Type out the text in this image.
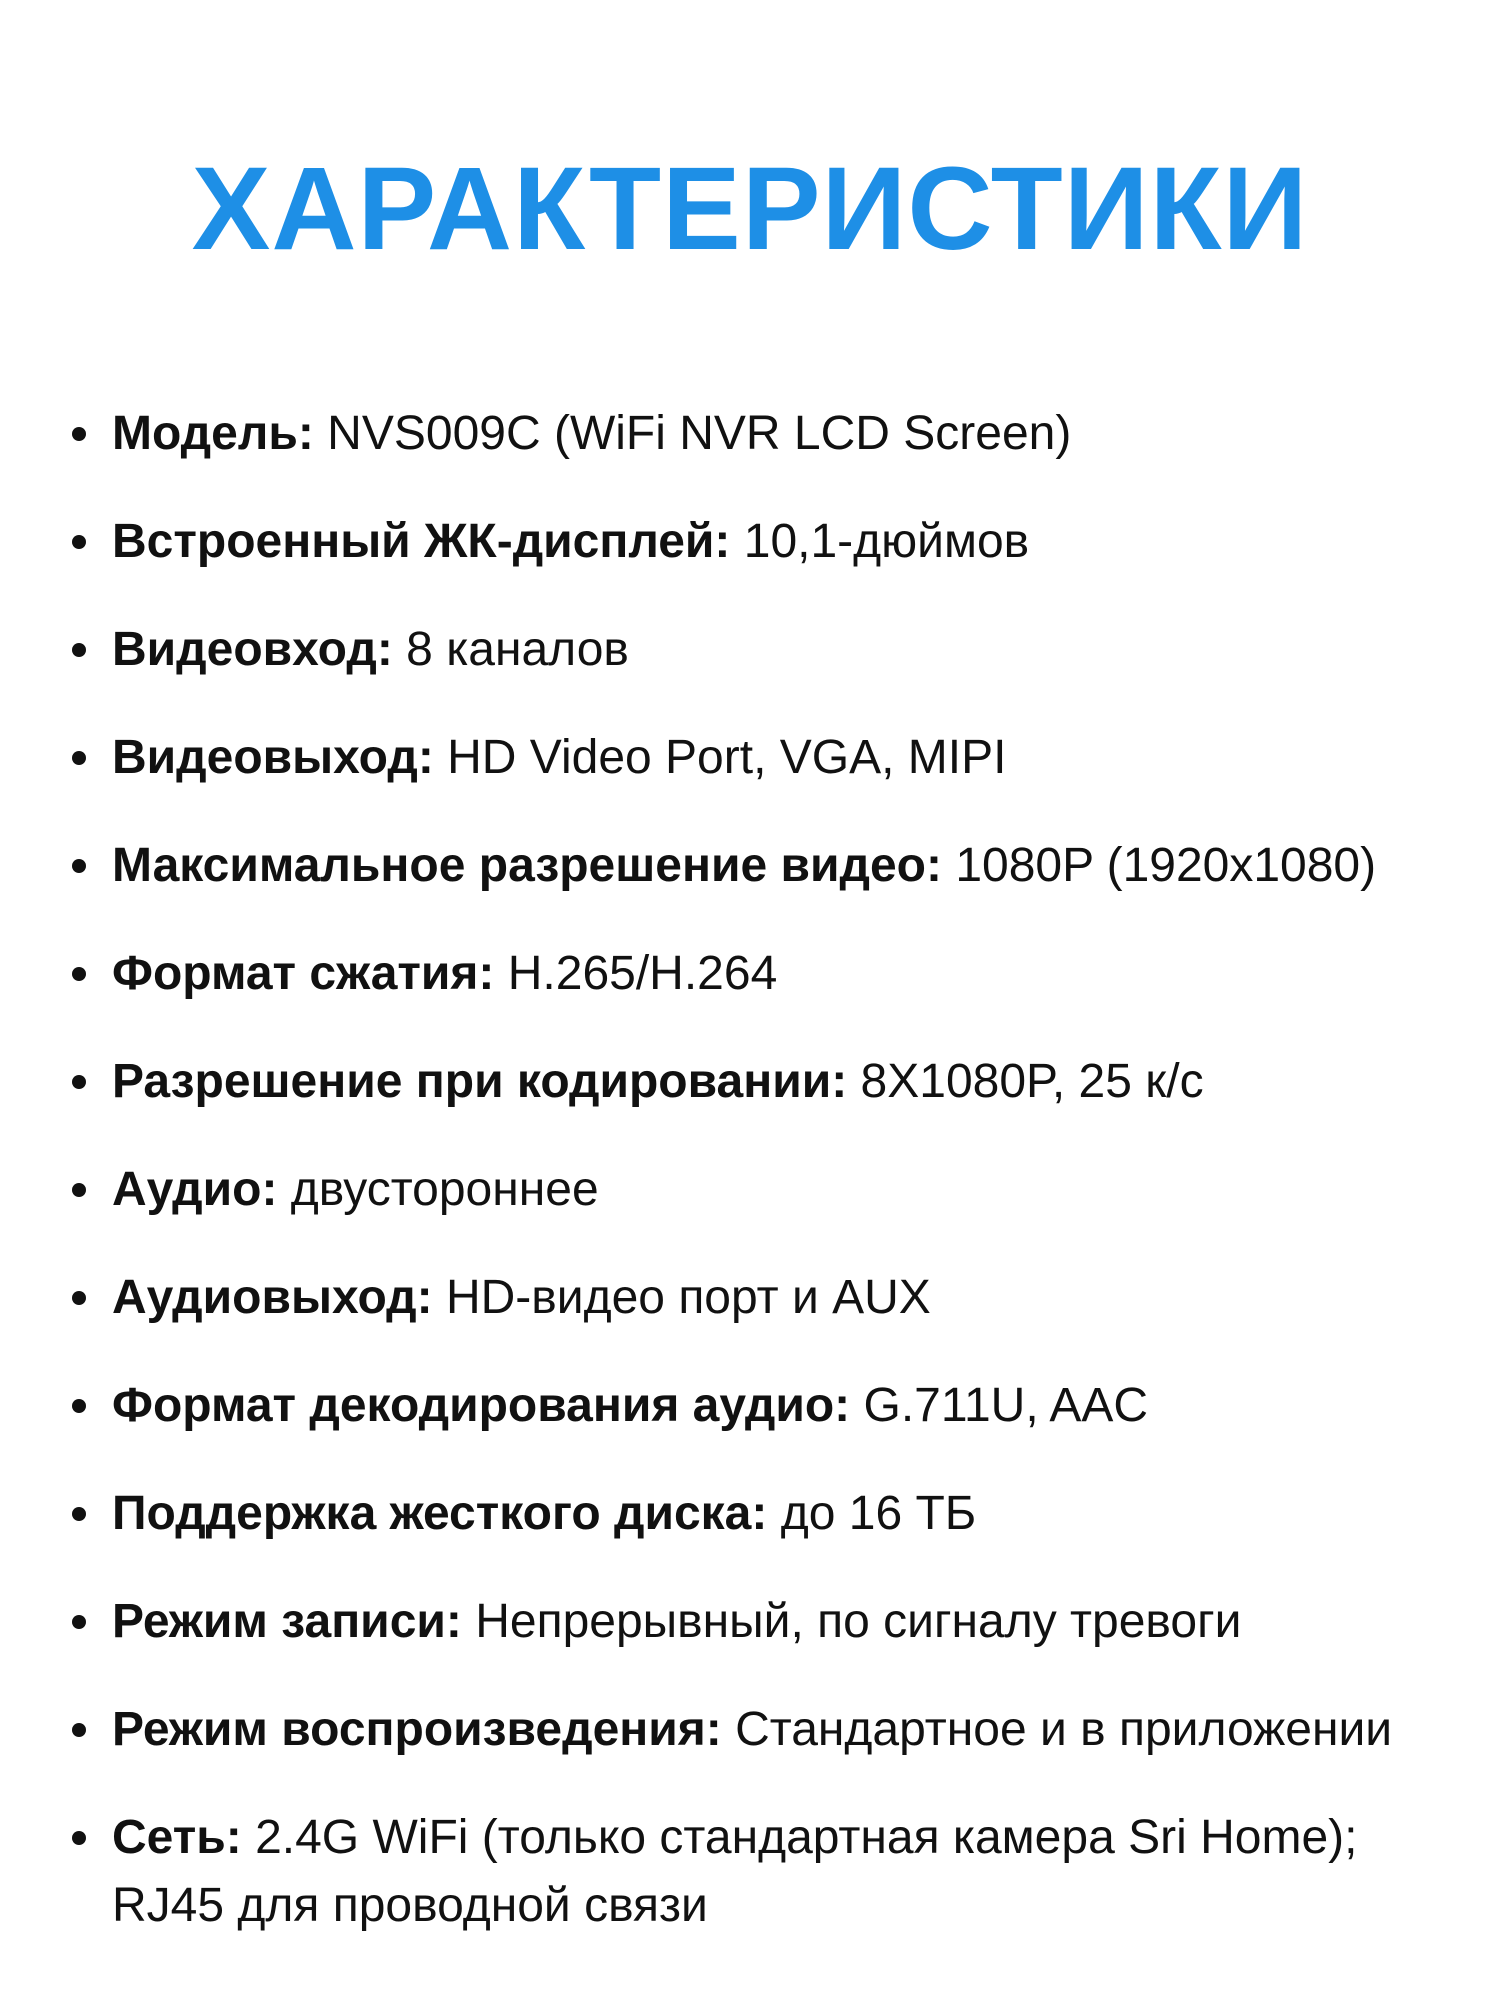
ХАРАКТЕРИСТИКИ
Модель: NVS009C (WiFi NVR LCD Screen)
Встроенный ЖК-дисплей: 10,1-дюймов
Видеовход: 8 каналов
Видеовыход: HD Video Port, VGA, MIPI
Максимальное разрешение видео: 1080P (1920x1080)
Формат сжатия: H.265/H.264
Разрешение при кодировании: 8X1080P, 25 к/с
Аудио: двустороннее
Аудиовыход: HD-видео порт и AUX
Формат декодирования аудио: G.711U, AAC
Поддержка жесткого диска: до 16 ТБ
Режим записи: Непрерывный, по сигналу тревоги
Режим воспроизведения: Стандартное и в приложении
Сеть: 2.4G WiFi (только стандартная камера Sri Home); RJ45 для проводной связи
